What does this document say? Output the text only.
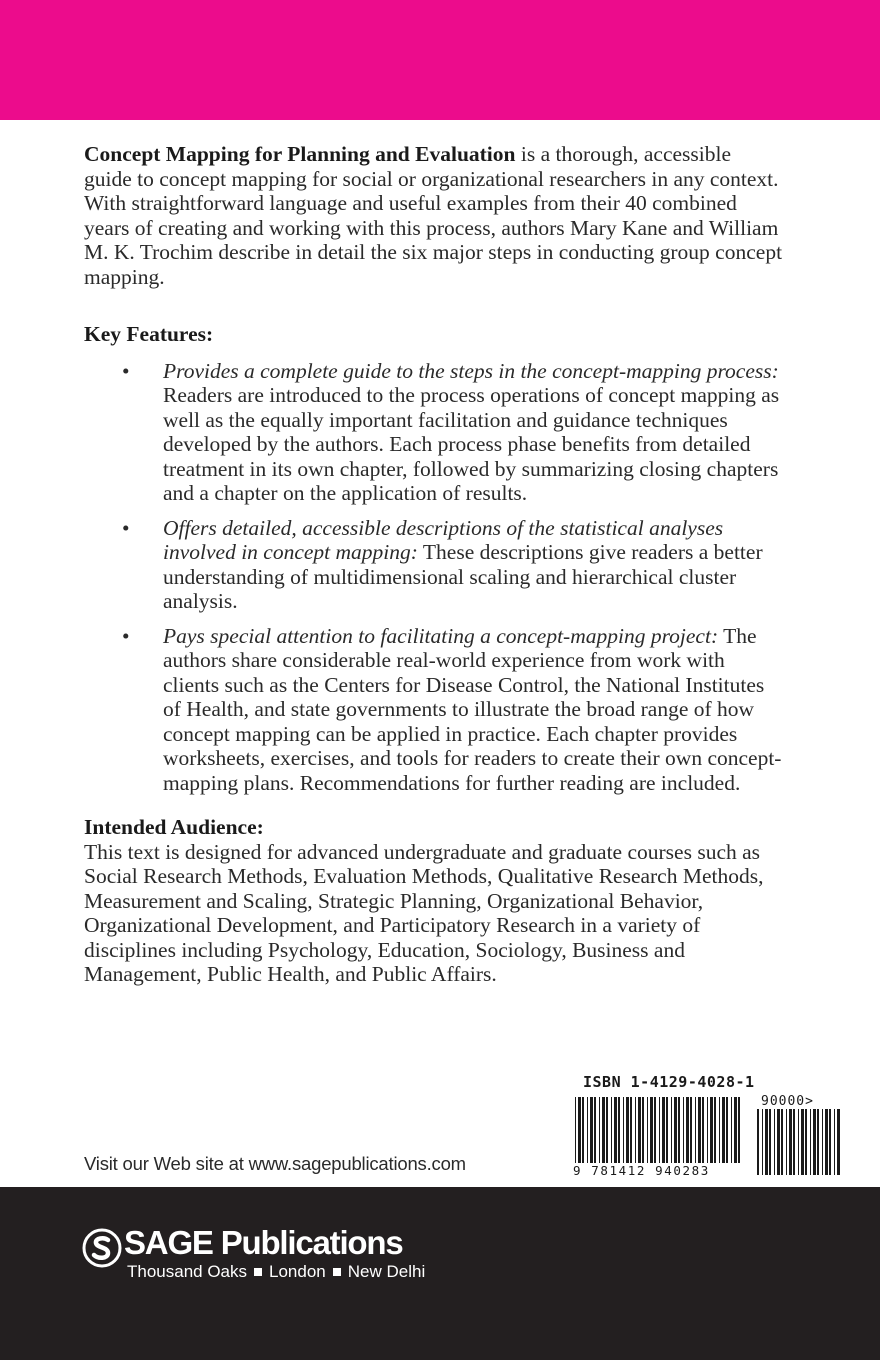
Concept Mapping for Planning and Evaluation is a thorough, accessible guide to concept mapping for social or organizational researchers in any context. With straightforward language and useful examples from their 40 combined years of creating and working with this process, authors Mary Kane and William M. K. Trochim describe in detail the six major steps in conducting group concept mapping.

Key Features:
• Provides a complete guide to the steps in the concept-mapping process: Readers are introduced to the process operations of concept mapping as well as the equally important facilitation and guidance techniques developed by the authors. Each process phase benefits from detailed treatment in its own chapter, followed by summarizing closing chapters and a chapter on the application of results.
• Offers detailed, accessible descriptions of the statistical analyses involved in concept mapping: These descriptions give readers a better understanding of multidimensional scaling and hierarchical cluster analysis.
• Pays special attention to facilitating a concept-mapping project: The authors share considerable real-world experience from work with clients such as the Centers for Disease Control, the National Institutes of Health, and state governments to illustrate the broad range of how concept mapping can be applied in practice. Each chapter provides worksheets, exercises, and tools for readers to create their own concept-mapping plans. Recommendations for further reading are included.
Intended Audience:

This text is designed for advanced undergraduate and graduate courses such as Social Research Methods, Evaluation Methods, Qualitative Research Methods, Measurement and Scaling, Strategic Planning, Organizational Behavior, Organizational Development, and Participatory Research in a variety of disciplines including Psychology, Education, Sociology, Business and Management, Public Health, and Public Affairs.

Visit our Web site at www.sagepublications.com
ISBN 1-4129-4028-1
90000>
9 781412 940283
SAGE Publications
Thousand Oaks London New Delhi
